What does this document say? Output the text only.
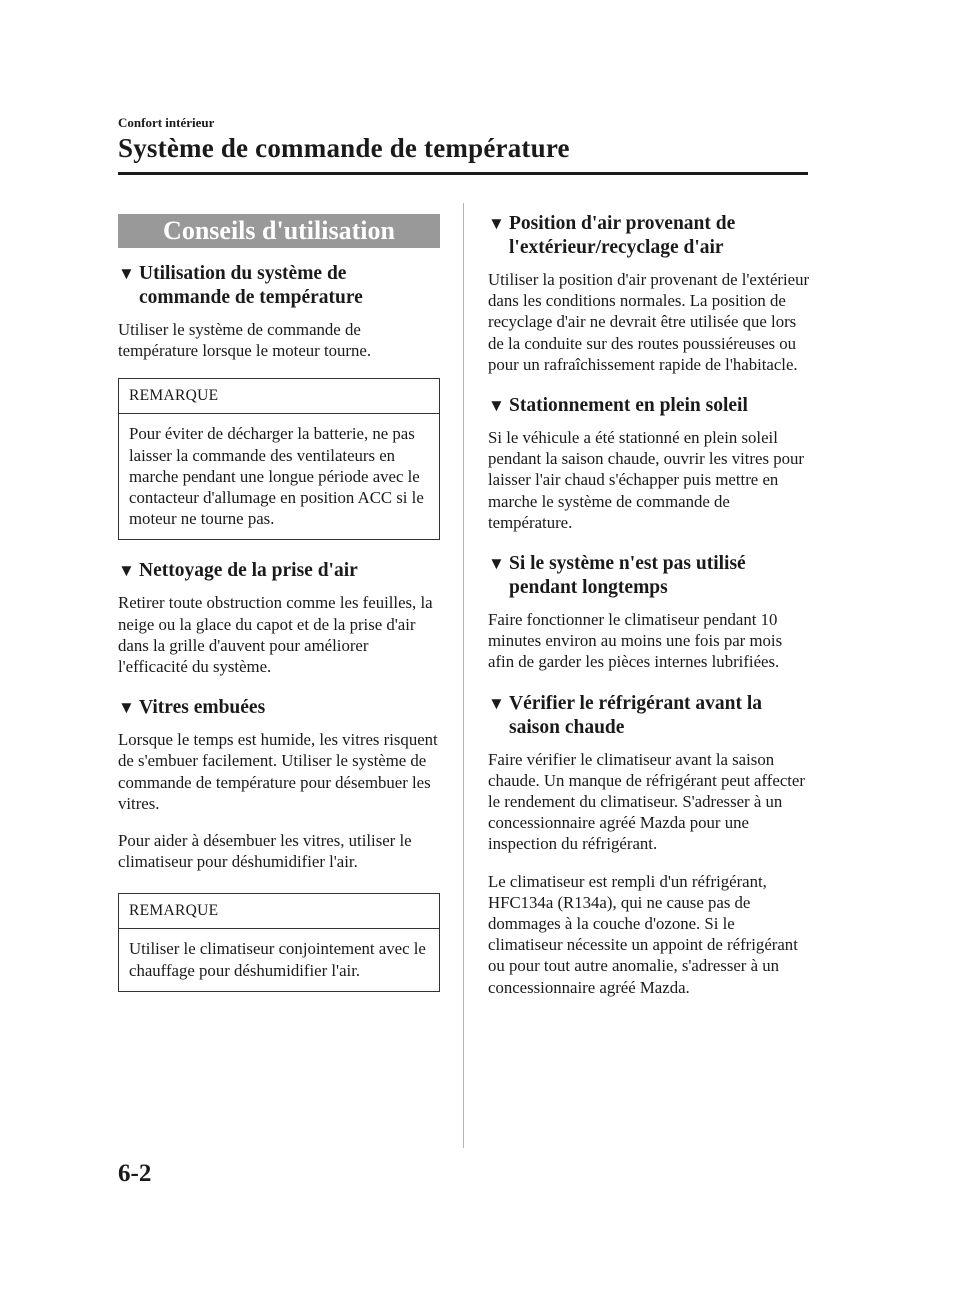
Confort intérieur
Système de commande de température
Conseils d'utilisation
▼ Utilisation du système de
commande de température

Utiliser le système de commande de température lorsque le moteur tourne.

REMARQUE
Pour éviter de décharger la batterie, ne pas laisser la commande des ventilateurs en marche pendant une longue période avec le contacteur d'allumage en position ACC si le moteur ne tourne pas.
▼ Nettoyage de la prise d'air

Retirer toute obstruction comme les feuilles, la neige ou la glace du capot et de la prise d'air dans la grille d'auvent pour améliorer l'efficacité du système.

▼ Vitres embuées

Lorsque le temps est humide, les vitres risquent de s'embuer facilement. Utiliser le système de commande de température pour désembuer les vitres.

Pour aider à désembuer les vitres, utiliser le climatiseur pour déshumidifier l'air.

REMARQUE
Utiliser le climatiseur conjointement avec le chauffage pour déshumidifier l'air.
▼ Position d'air provenant de
l'extérieur/recyclage d'air

Utiliser la position d'air provenant de l'extérieur dans les conditions normales. La position de recyclage d'air ne devrait être utilisée que lors de la conduite sur des routes poussiéreuses ou pour un rafraîchissement rapide de l'habitacle.

▼ Stationnement en plein soleil

Si le véhicule a été stationné en plein soleil pendant la saison chaude, ouvrir les vitres pour laisser l'air chaud s'échapper puis mettre en marche le système de commande de température.

▼ Si le système n'est pas utilisé
pendant longtemps

Faire fonctionner le climatiseur pendant 10 minutes environ au moins une fois par mois afin de garder les pièces internes lubrifiées.

▼ Vérifier le réfrigérant avant la
saison chaude

Faire vérifier le climatiseur avant la saison chaude. Un manque de réfrigérant peut affecter le rendement du climatiseur. S'adresser à un concessionnaire agréé Mazda pour une inspection du réfrigérant.

Le climatiseur est rempli d'un réfrigérant, HFC134a (R134a), qui ne cause pas de dommages à la couche d'ozone. Si le climatiseur nécessite un appoint de réfrigérant ou pour tout autre anomalie, s'adresser à un concessionnaire agréé Mazda.

6-2
